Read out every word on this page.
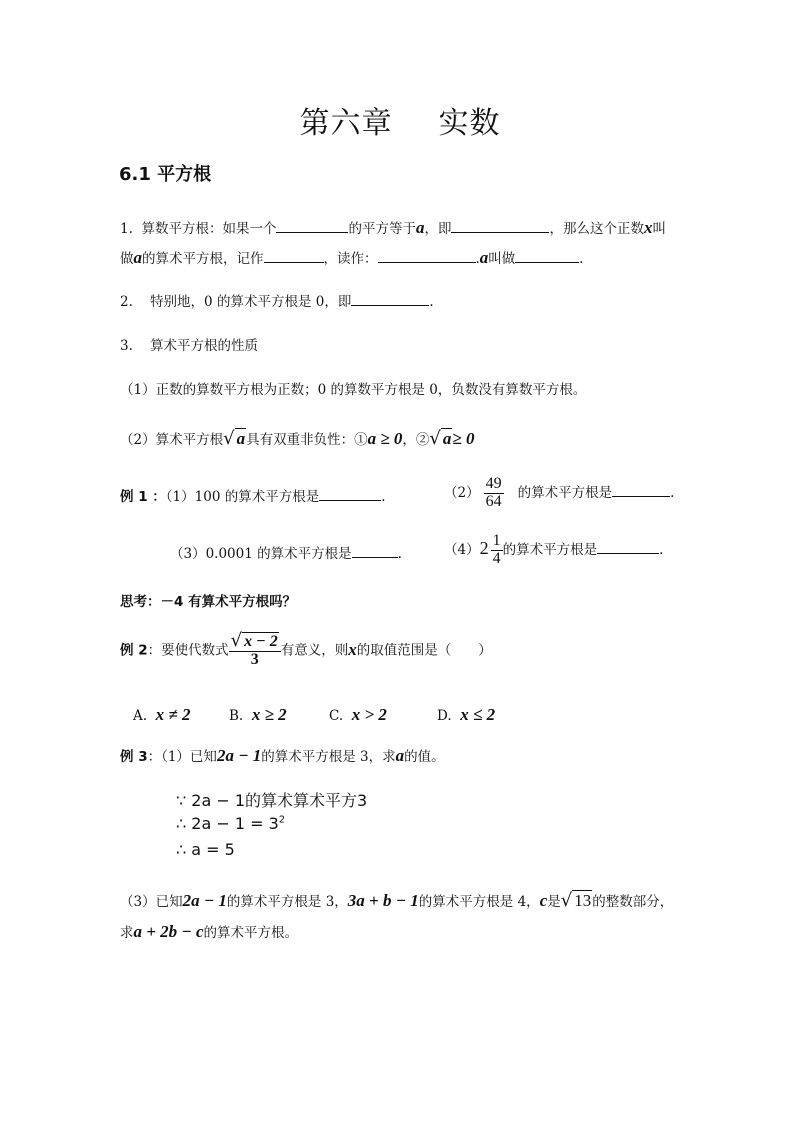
第六章 实数
6.1 平方根
1. 算数平方根：如果一个	的平方等于a，即	，那么这个正数x叫
做a的算术平方根，记作	，读作：	.a叫做	.
2. 特别地，0 的算术平方根是 0，即	.
3. 算术平方根的性质
（1）正数的算数平方根为正数；0 的算数平方根是 0，负数没有算数平方根。
（2）算术平方根√ a具有双重非负性：①a ≥ 0，②√ a≥ 0
例 1 ：（1）100 的算术平方根是	.	$(2) \frac{49}{64}$ 的算术平方根是	.
（3）0.0001 的算术平方根是	.	$(4)2 \frac{1}{4}$ 的算术平方根是	.
思考：－4 有算术平方根吗？
例 2：要使代数式 $\frac{√ x - 2}{3}$ 有意义，则x的取值范围是（　　）
A. x ≠ 2	B. x ≥ 2	C. x > 2	D. x ≤ 2
例 3：（1）已知2a − 1的算术平方根是 3，求a的值。
∵ 2a − 1的算术算术平方3
∴ $2a - 1 = 3^2$
∴ a = 5
（3）已知2a − 1的算术平方根是 3，3a + b − 1的算术平方根是 4，c是√ 13的整数部分，
求a + 2b − c的算术平方根。
